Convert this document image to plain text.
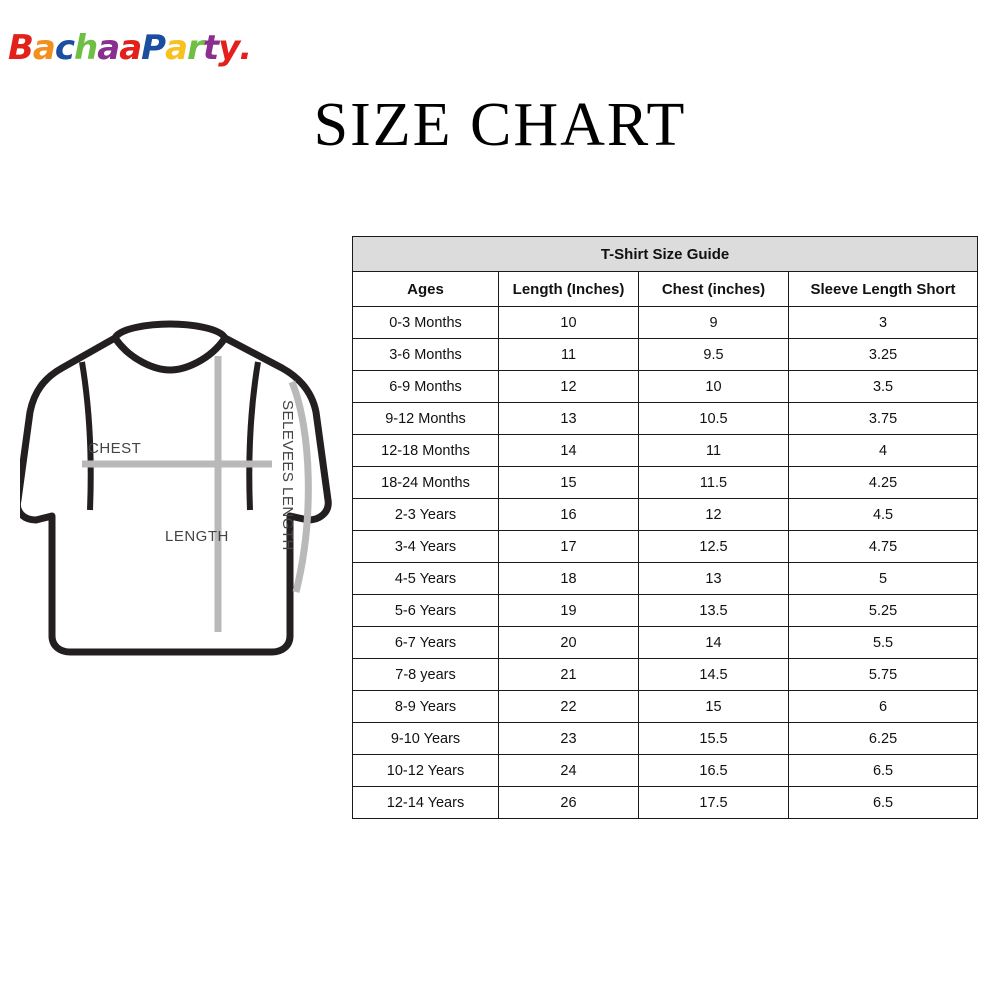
BachaaParty.
SIZE CHART
CHEST
LENGTH	SELEVEES LENGTH
T-Shirt Size Guide			
Ages	Length (Inches)	Chest (inches)	Sleeve Length Short
0-3 Months	10	9	3
3-6 Months	11	9.5	3.25
6-9 Months	12	10	3.5
9-12 Months	13	10.5	3.75
12-18 Months	14	11	4
18-24 Months	15	11.5	4.25
2-3 Years	16	12	4.5
3-4 Years	17	12.5	4.75
4-5 Years	18	13	5
5-6 Years	19	13.5	5.25
6-7 Years	20	14	5.5
7-8 years	21	14.5	5.75
8-9 Years	22	15	6
9-10 Years	23	15.5	6.25
10-12 Years	24	16.5	6.5
12-14 Years	26	17.5	6.5
